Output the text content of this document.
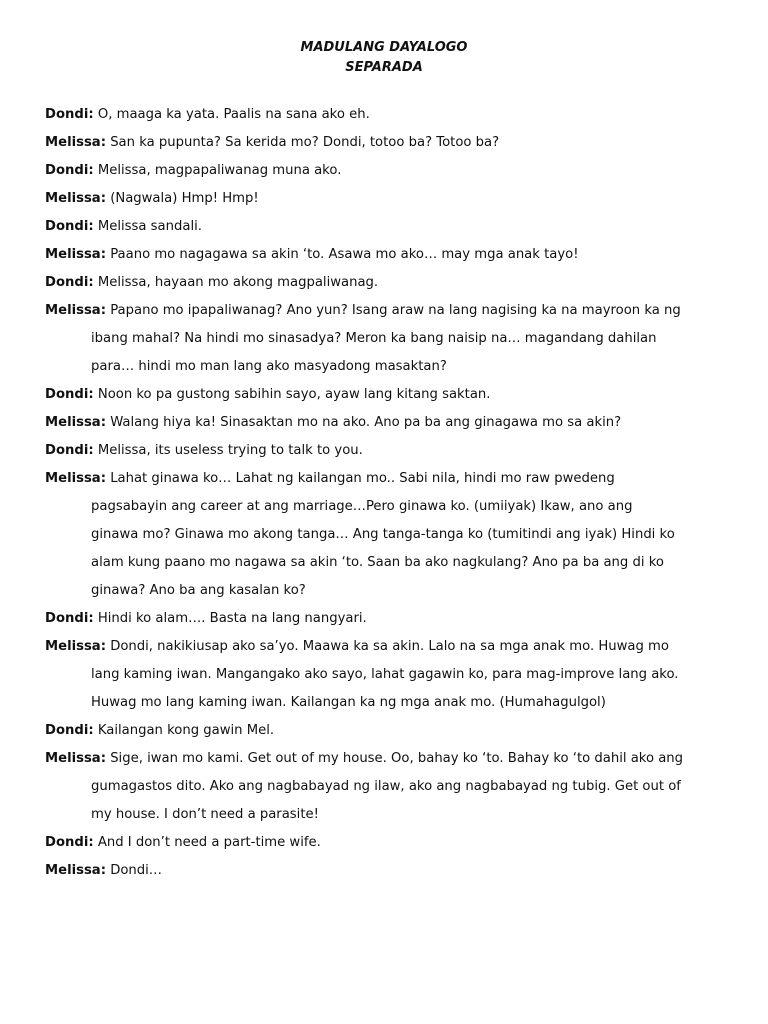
MADULANG DAYALOGO
SEPARADA
Dondi: O, maaga ka yata. Paalis na sana ako eh.
Melissa: San ka pupunta? Sa kerida mo? Dondi, totoo ba? Totoo ba?
Dondi: Melissa, magpapaliwanag muna ako.
Melissa: (Nagwala) Hmp! Hmp!
Dondi: Melissa sandali.
Melissa: Paano mo nagagawa sa akin ‘to. Asawa mo ako… may mga anak tayo!
Dondi: Melissa, hayaan mo akong magpaliwanag.
Melissa: Papano mo ipapaliwanag? Ano yun? Isang araw na lang nagising ka na mayroon ka ng
ibang mahal? Na hindi mo sinasadya? Meron ka bang naisip na… magandang dahilan
para… hindi mo man lang ako masyadong masaktan?
Dondi: Noon ko pa gustong sabihin sayo, ayaw lang kitang saktan.
Melissa: Walang hiya ka! Sinasaktan mo na ako. Ano pa ba ang ginagawa mo sa akin?
Dondi: Melissa, its useless trying to talk to you.
Melissa: Lahat ginawa ko… Lahat ng kailangan mo.. Sabi nila, hindi mo raw pwedeng
pagsabayin ang career at ang marriage…Pero ginawa ko. (umiiyak) Ikaw, ano ang
ginawa mo? Ginawa mo akong tanga… Ang tanga-tanga ko (tumitindi ang iyak) Hindi ko
alam kung paano mo nagawa sa akin ‘to. Saan ba ako nagkulang? Ano pa ba ang di ko
ginawa? Ano ba ang kasalan ko?
Dondi: Hindi ko alam…. Basta na lang nangyari.
Melissa: Dondi, nakikiusap ako sa’yo. Maawa ka sa akin. Lalo na sa mga anak mo. Huwag mo
lang kaming iwan. Mangangako ako sayo, lahat gagawin ko, para mag-improve lang ako.
Huwag mo lang kaming iwan. Kailangan ka ng mga anak mo. (Humahagulgol)
Dondi: Kailangan kong gawin Mel.
Melissa: Sige, iwan mo kami. Get out of my house. Oo, bahay ko ‘to. Bahay ko ‘to dahil ako ang
gumagastos dito. Ako ang nagbabayad ng ilaw, ako ang nagbabayad ng tubig. Get out of
my house. I don’t need a parasite!
Dondi: And I don’t need a part-time wife.
Melissa: Dondi…
